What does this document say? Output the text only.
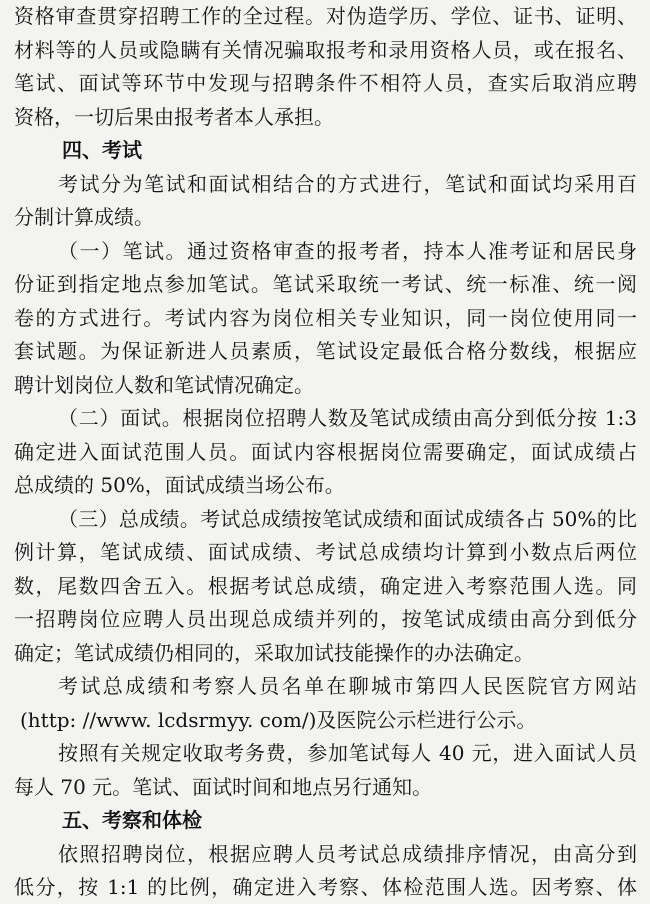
资格审查贯穿招聘工作的全过程。对伪造学历、学位、证书、证明、
材料等的人员或隐瞒有关情况骗取报考和录用资格人员，或在报名、
笔试、面试等环节中发现与招聘条件不相符人员，查实后取消应聘
资格，一切后果由报考者本人承担。
四、考试
考试分为笔试和面试相结合的方式进行，笔试和面试均采用百
分制计算成绩。
（一）笔试。通过资格审查的报考者，持本人准考证和居民身
份证到指定地点参加笔试。笔试采取统一考试、统一标准、统一阅
卷的方式进行。考试内容为岗位相关专业知识，同一岗位使用同一
套试题。为保证新进人员素质，笔试设定最低合格分数线，根据应
聘计划岗位人数和笔试情况确定。
（二）面试。根据岗位招聘人数及笔试成绩由高分到低分按 1:3
确定进入面试范围人员。面试内容根据岗位需要确定，面试成绩占
总成绩的 50%，面试成绩当场公布。
（三）总成绩。考试总成绩按笔试成绩和面试成绩各占 50%的比
例计算，笔试成绩、面试成绩、考试总成绩均计算到小数点后两位
数，尾数四舍五入。根据考试总成绩，确定进入考察范围人选。同
一招聘岗位应聘人员出现总成绩并列的，按笔试成绩由高分到低分
确定；笔试成绩仍相同的，采取加试技能操作的办法确定。
考试总成绩和考察人员名单在聊城市第四人民医院官方网站
(http: //www. lcdsrmyy. com/)及医院公示栏进行公示。
按照有关规定收取考务费，参加笔试每人 40 元，进入面试人员
每人 70 元。笔试、面试时间和地点另行通知。
五、考察和体检
依照招聘岗位，根据应聘人员考试总成绩排序情况，由高分到
低分，按 1:1 的比例，确定进入考察、体检范围人选。因考察、体
